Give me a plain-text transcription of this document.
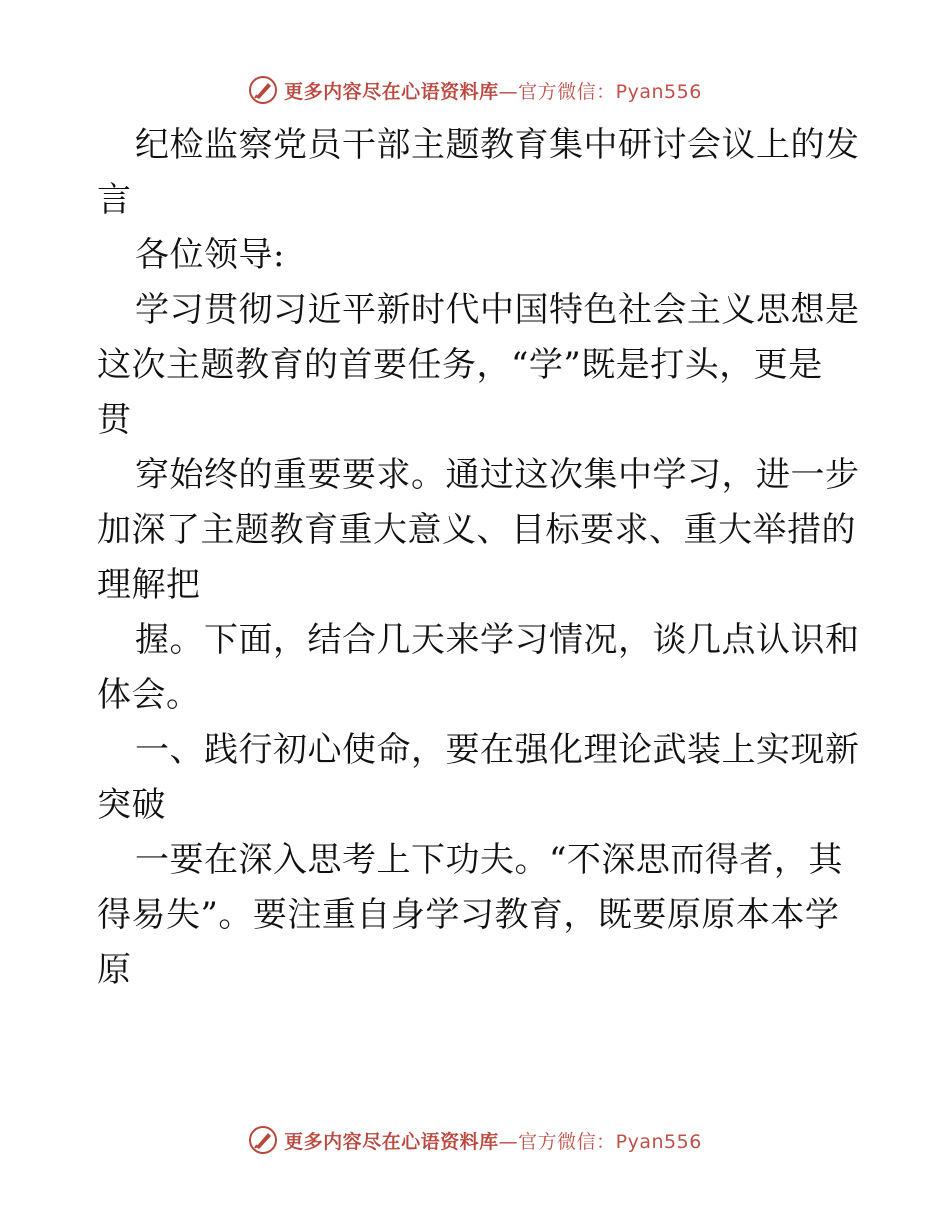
更多内容尽在心语资料库—官方微信：Pyan556
纪检监察党员干部主题教育集中研讨会议上的发
言
各位领导:
学习贯彻习近平新时代中国特色社会主义思想是
这次主题教育的首要任务，“学”既是打头，更是
贯
穿始终的重要要求。通过这次集中学习，进一步
加深了主题教育重大意义、目标要求、重大举措的
理解把
握。下面，结合几天来学习情况，谈几点认识和
体会。
一、践行初心使命，要在强化理论武装上实现新
突破
一要在深入思考上下功夫。“不深思而得者，其
得易失”。要注重自身学习教育，既要原原本本学
原
更多内容尽在心语资料库—官方微信：Pyan556
